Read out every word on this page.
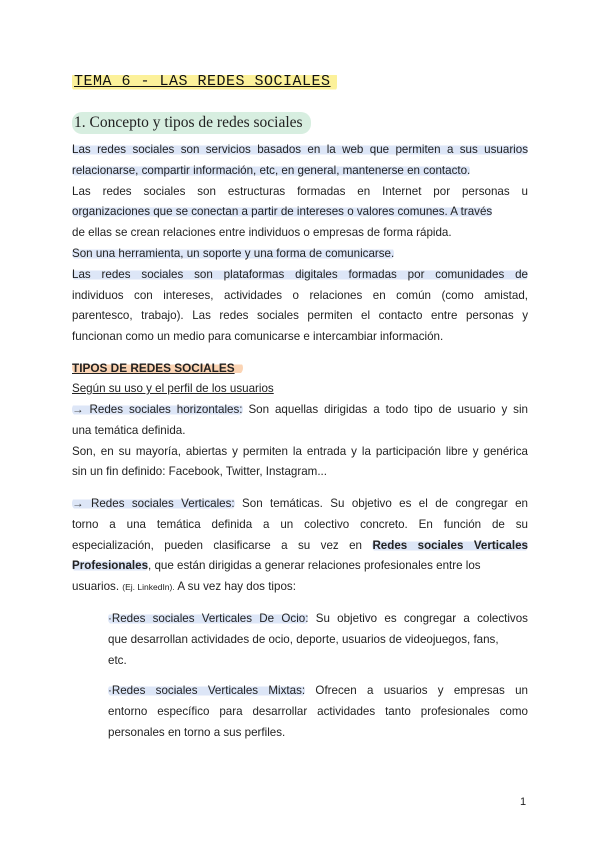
TEMA 6 - LAS REDES SOCIALES
1. Concepto y tipos de redes sociales
Las redes sociales son servicios basados en la web que permiten a sus usuarios
relacionarse, compartir información, etc, en general, mantenerse en contacto.
Las redes sociales son estructuras formadas en Internet por personas u
organizaciones que se conectan a partir de intereses o valores comunes. A través
de ellas se crean relaciones entre individuos o empresas de forma rápida.
Son una herramienta, un soporte y una forma de comunicarse.
Las redes sociales son plataformas digitales formadas por comunidades de
individuos con intereses, actividades o relaciones en común (como amistad,
parentesco, trabajo). Las redes sociales permiten el contacto entre personas y
funcionan como un medio para comunicarse e intercambiar información.
TIPOS DE REDES SOCIALES
Según su uso y el perfil de los usuarios
→ Redes sociales horizontales: Son aquellas dirigidas a todo tipo de usuario y sin
una temática definida.
Son, en su mayoría, abiertas y permiten la entrada y la participación libre y genérica
sin un fin definido: Facebook, Twitter, Instagram...
→ Redes sociales Verticales: Son temáticas. Su objetivo es el de congregar en
torno a una temática definida a un colectivo concreto. En función de su
especialización, pueden clasificarse a su vez en Redes sociales Verticales
Profesionales, que están dirigidas a generar relaciones profesionales entre los
usuarios. (Ej. LinkedIn). A su vez hay dos tipos:
·Redes sociales Verticales De Ocio: Su objetivo es congregar a colectivos
que desarrollan actividades de ocio, deporte, usuarios de videojuegos, fans,
etc.
·Redes sociales Verticales Mixtas: Ofrecen a usuarios y empresas un
entorno específico para desarrollar actividades tanto profesionales como
personales en torno a sus perfiles.
1
